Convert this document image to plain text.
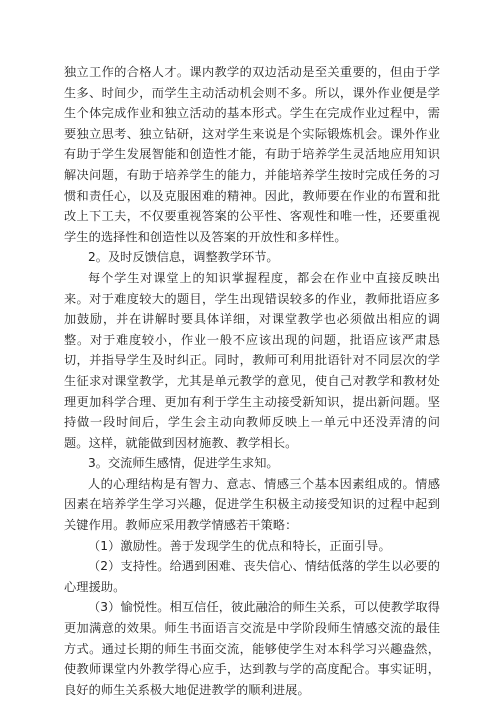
独立工作的合格人才。课内教学的双边活动是至关重要的，但由于学生多、时间少，而学生主动活动机会则不多。所以，课外作业便是学生个体完成作业和独立活动的基本形式。学生在完成作业过程中，需要独立思考、独立钻研，这对学生来说是个实际锻炼机会。课外作业有助于学生发展智能和创造性才能，有助于培养学生灵活地应用知识解决问题，有助于培养学生的能力，并能培养学生按时完成任务的习惯和责任心，以及克服困难的精神。因此，教师要在作业的布置和批改上下工夫，不仅要重视答案的公平性、客观性和唯一性，还要重视学生的选择性和创造性以及答案的开放性和多样性。

2。及时反馈信息，调整教学环节。

每个学生对课堂上的知识掌握程度，都会在作业中直接反映出来。对于难度较大的题目，学生出现错误较多的作业，教师批语应多加鼓励，并在讲解时要具体详细，对课堂教学也必须做出相应的调整。对于难度较小，作业一般不应该出现的问题，批语应该严肃恳切，并指导学生及时纠正。同时，教师可利用批语针对不同层次的学生征求对课堂教学，尤其是单元教学的意见，使自己对教学和教材处理更加科学合理、更加有利于学生主动接受新知识，提出新问题。坚持做一段时间后，学生会主动向教师反映上一单元中还没弄清的问题。这样，就能做到因材施教、教学相长。

3。交流师生感情，促进学生求知。

人的心理结构是有智力、意志、情感三个基本因素组成的。情感因素在培养学生学习兴趣，促进学生积极主动接受知识的过程中起到关键作用。教师应采用教学情感若干策略：

（1）激励性。善于发现学生的优点和特长，正面引导。

（2）支持性。给遇到困难、丧失信心、情结低落的学生以必要的心理援助。

（3）愉悦性。相互信任，彼此融洽的师生关系，可以使教学取得更加满意的效果。师生书面语言交流是中学阶段师生情感交流的最佳方式。通过长期的师生书面交流，能够使学生对本科学习兴趣盎然，使教师课堂内外教学得心应手，达到教与学的高度配合。事实证明，良好的师生关系极大地促进教学的顺利进展。
